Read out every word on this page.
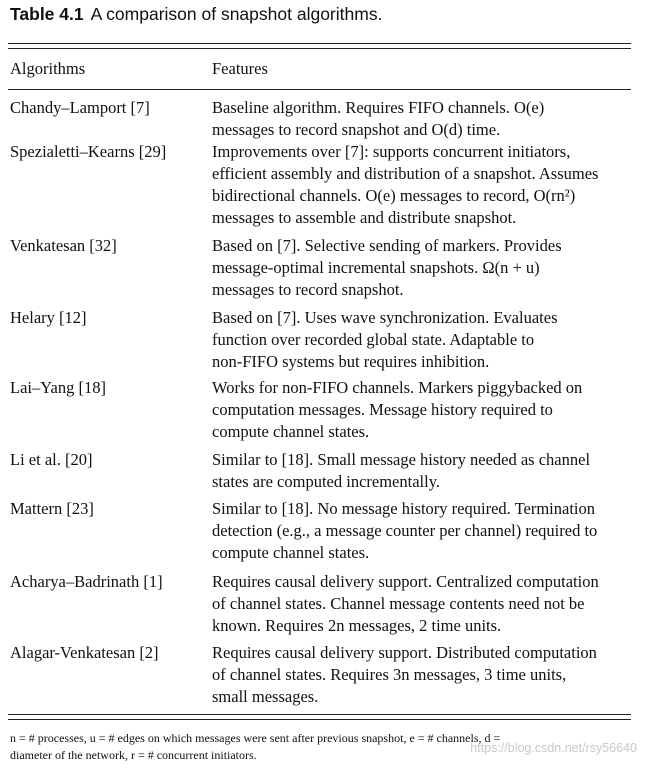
Table 4.1 A comparison of snapshot algorithms.
Algorithms	Features
Chandy–Lamport [7]	Baseline algorithm. Requires FIFO channels. O(e)
messages to record snapshot and O(d) time.
Spezialetti–Kearns [29]	Improvements over [7]: supports concurrent initiators,
efficient assembly and distribution of a snapshot. Assumes
bidirectional channels. O(e) messages to record, O(rn²)
messages to assemble and distribute snapshot.
Venkatesan [32]	Based on [7]. Selective sending of markers. Provides
message-optimal incremental snapshots. Ω(n + u)
messages to record snapshot.
Helary [12]	Based on [7]. Uses wave synchronization. Evaluates
function over recorded global state. Adaptable to
non-FIFO systems but requires inhibition.
Lai–Yang [18]	Works for non-FIFO channels. Markers piggybacked on
computation messages. Message history required to
compute channel states.
Li et al. [20]	Similar to [18]. Small message history needed as channel
states are computed incrementally.
Mattern [23]	Similar to [18]. No message history required. Termination
detection (e.g., a message counter per channel) required to
compute channel states.
Acharya–Badrinath [1]	Requires causal delivery support. Centralized computation
of channel states. Channel message contents need not be
known. Requires 2n messages, 2 time units.
Alagar-Venkatesan [2]	Requires causal delivery support. Distributed computation
of channel states. Requires 3n messages, 3 time units,
small messages.
n = # processes, u = # edges on which messages were sent after previous snapshot, e = # channels, d =
diameter of the network, r = # concurrent initiators.	https://blog.csdn.net/rsy56640
